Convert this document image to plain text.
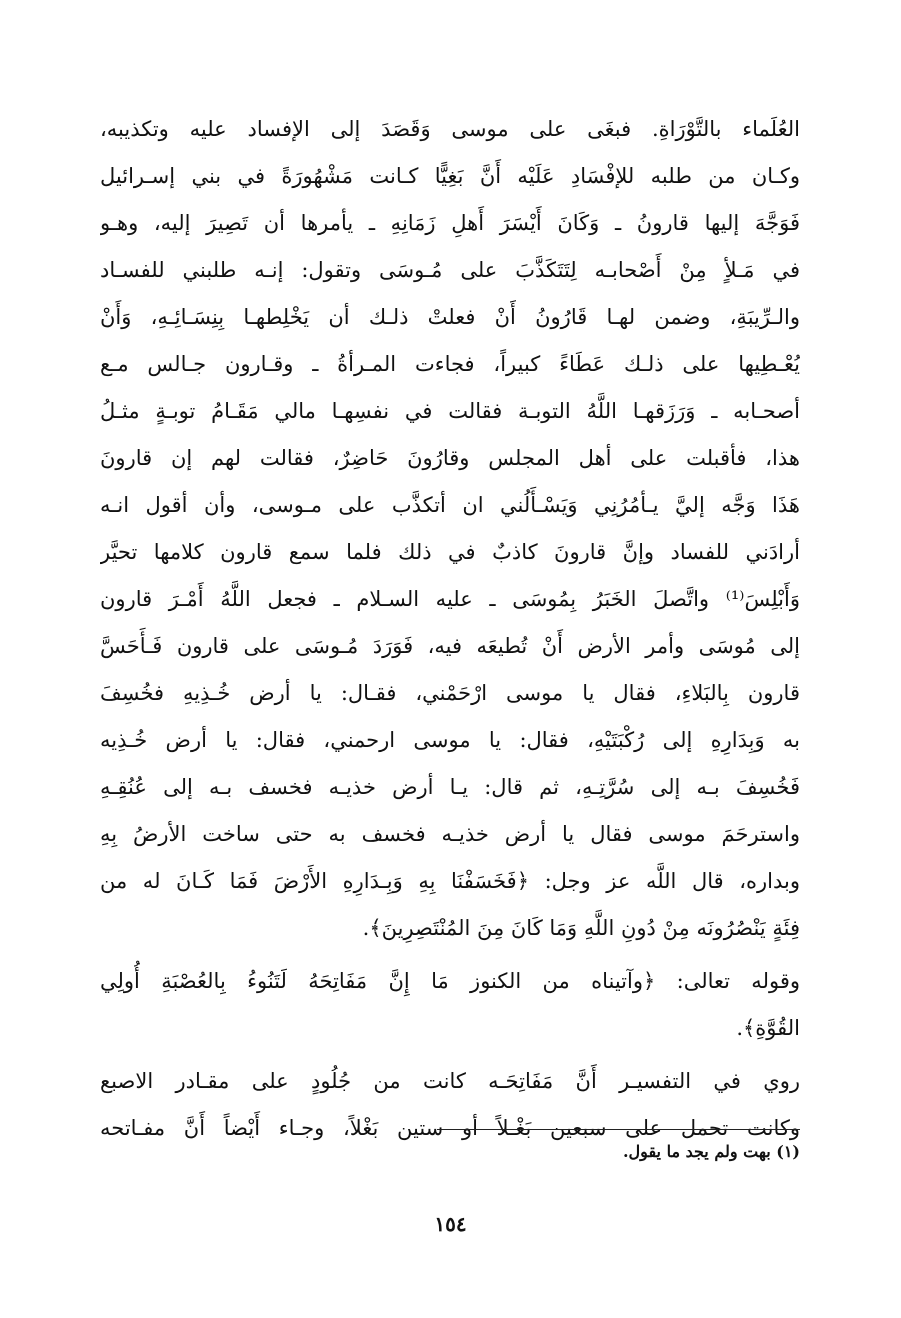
العُلَماء بالتَّوْرَاةِ. فبغَى على موسى وَقَصَدَ إلى الإفساد عليه وتكذيبه،
وكـان من طلبه للإفْسَادِ عَلَيْه أَنَّ بَغِيًّا كـانت مَشْهُورَةً في بني إسـرائيل
فَوَجَّهَ إليها قارونُ ـ وَكَانَ أَيْسَرَ أَهلِ زَمَانِهِ ـ يأمرها أن تَصِيرَ إليه، وهـو
في مَـلأٍ مِنْ أَصْحابـه لِتَتَكَذَّبَ على مُـوسَى وتقول: إنـه طلبني للفسـاد
والـرِّيبَةِ، وضمن لهـا قَارُونُ أَنْ فعلتْ ذلـك أن يَخْلِطهـا بِنِسَـائِـهِ، وَأَنْ
يُعْـطِيها على ذلـك عَطَاءً كبيراً، فجاءت المـرأةُ ـ وقـارون جـالس مـع
أصحـابه ـ وَرَزَقهـا اللَّهُ التوبـة فقالت في نفسِهـا مالي مَقَـامُ توبـةٍ مثـلُ
هذا، فأقبلت على أهل المجلس وقارُونَ حَاضِرٌ، فقالت لهم إن قارونَ
هَذَا وَجَّه إليَّ يـأمُرُنِي وَيَسْـأَلُني ان أتكذَّب على مـوسى، وأن أقول انـه
أرادَني للفساد وإنَّ قارونَ كاذبٌ في ذلك فلما سمع قارون كلامها تحيَّر
وَأَبْلِسَ⁽¹⁾ واتَّصلَ الخَبَرُ بِمُوسَى ـ عليه السـلام ـ فجعل اللَّهُ أَمْـرَ قارون
إلى مُوسَى وأمر الأرض أَنْ تُطيعَه فيه، فَوَرَدَ مُـوسَى على قارون فَـأَحَسَّ
قارون بِالبَلاءِ، فقال يا موسى ارْحَمْني، فقـال: يا أرض خُـذِيهِ فخُسِفَ
به وَبِدَارِهِ إلى رُكْبَتَيْهِ، فقال: يا موسى ارحمني، فقال: يا أرض خُـذِيه
فَخُسِفَ بـه إلى سُرَّتِـهِ، ثم قال: يـا أرض خذيـه فخسف بـه إلى عُنُقِـهِ
واسترحَمَ موسى فقال يا أرض خذيـه فخسف به حتى ساخت الأرضُ بِهِ
وبداره، قال اللَّه عز وجل: ﴿فَخَسَفْنَا بِهِ وَبِـدَارِهِ الأَرْضَ فَمَا كَـانَ له من
فِئَةٍ يَنْصُرُونَه مِنْ دُونِ اللَّهِ وَمَا كَانَ مِنَ المُنْتَصِرِينَ﴾.
وقوله تعالى: ﴿وآتيناه من الكنوز مَا إِنَّ مَفَاتِحَهُ لَتَنُوءُ بِالعُصْبَةِ أُولِي
القُوَّةِ﴾.
روي في التفسيـر أَنَّ مَفَاتِحَـه كانت من جُلُودٍ على مقـادر الاصبع
وكانت تحمل على سبعين بَغْـلاً أو ستين بَغْلاً، وجـاء أَيْضاً أَنَّ مفـاتحه
(١) بهت ولم يجد ما يقول.
١٥٤
